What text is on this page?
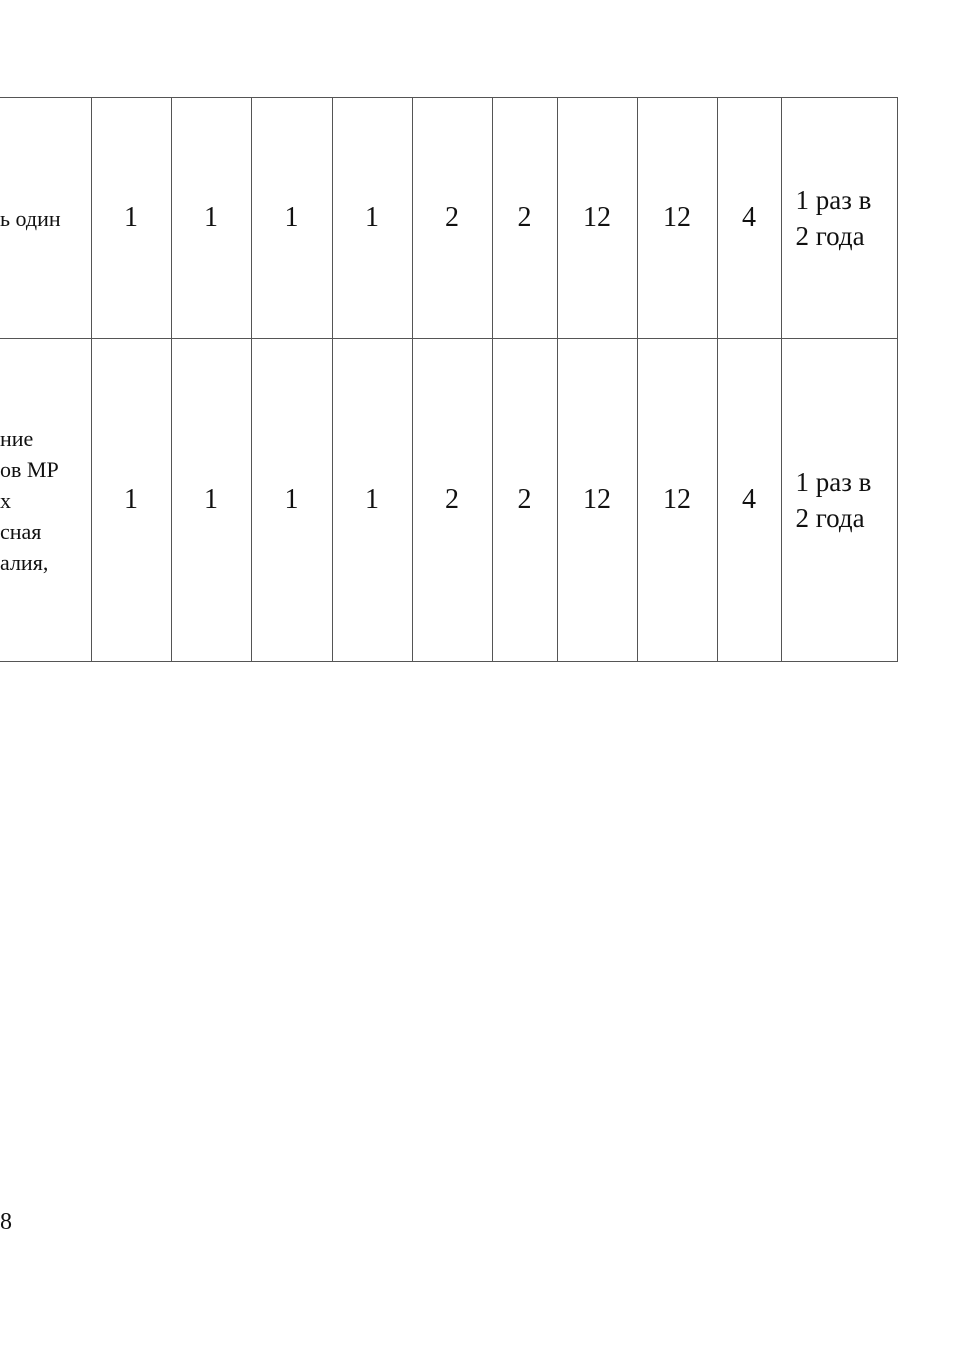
ь один	1	1	1	1	2	2	12	12	4	1 раз в
2 года

ние
ов МР
х
сная
алия,	1	1	1	1	2	2	12	12	4	1 раз в
2 года
8
